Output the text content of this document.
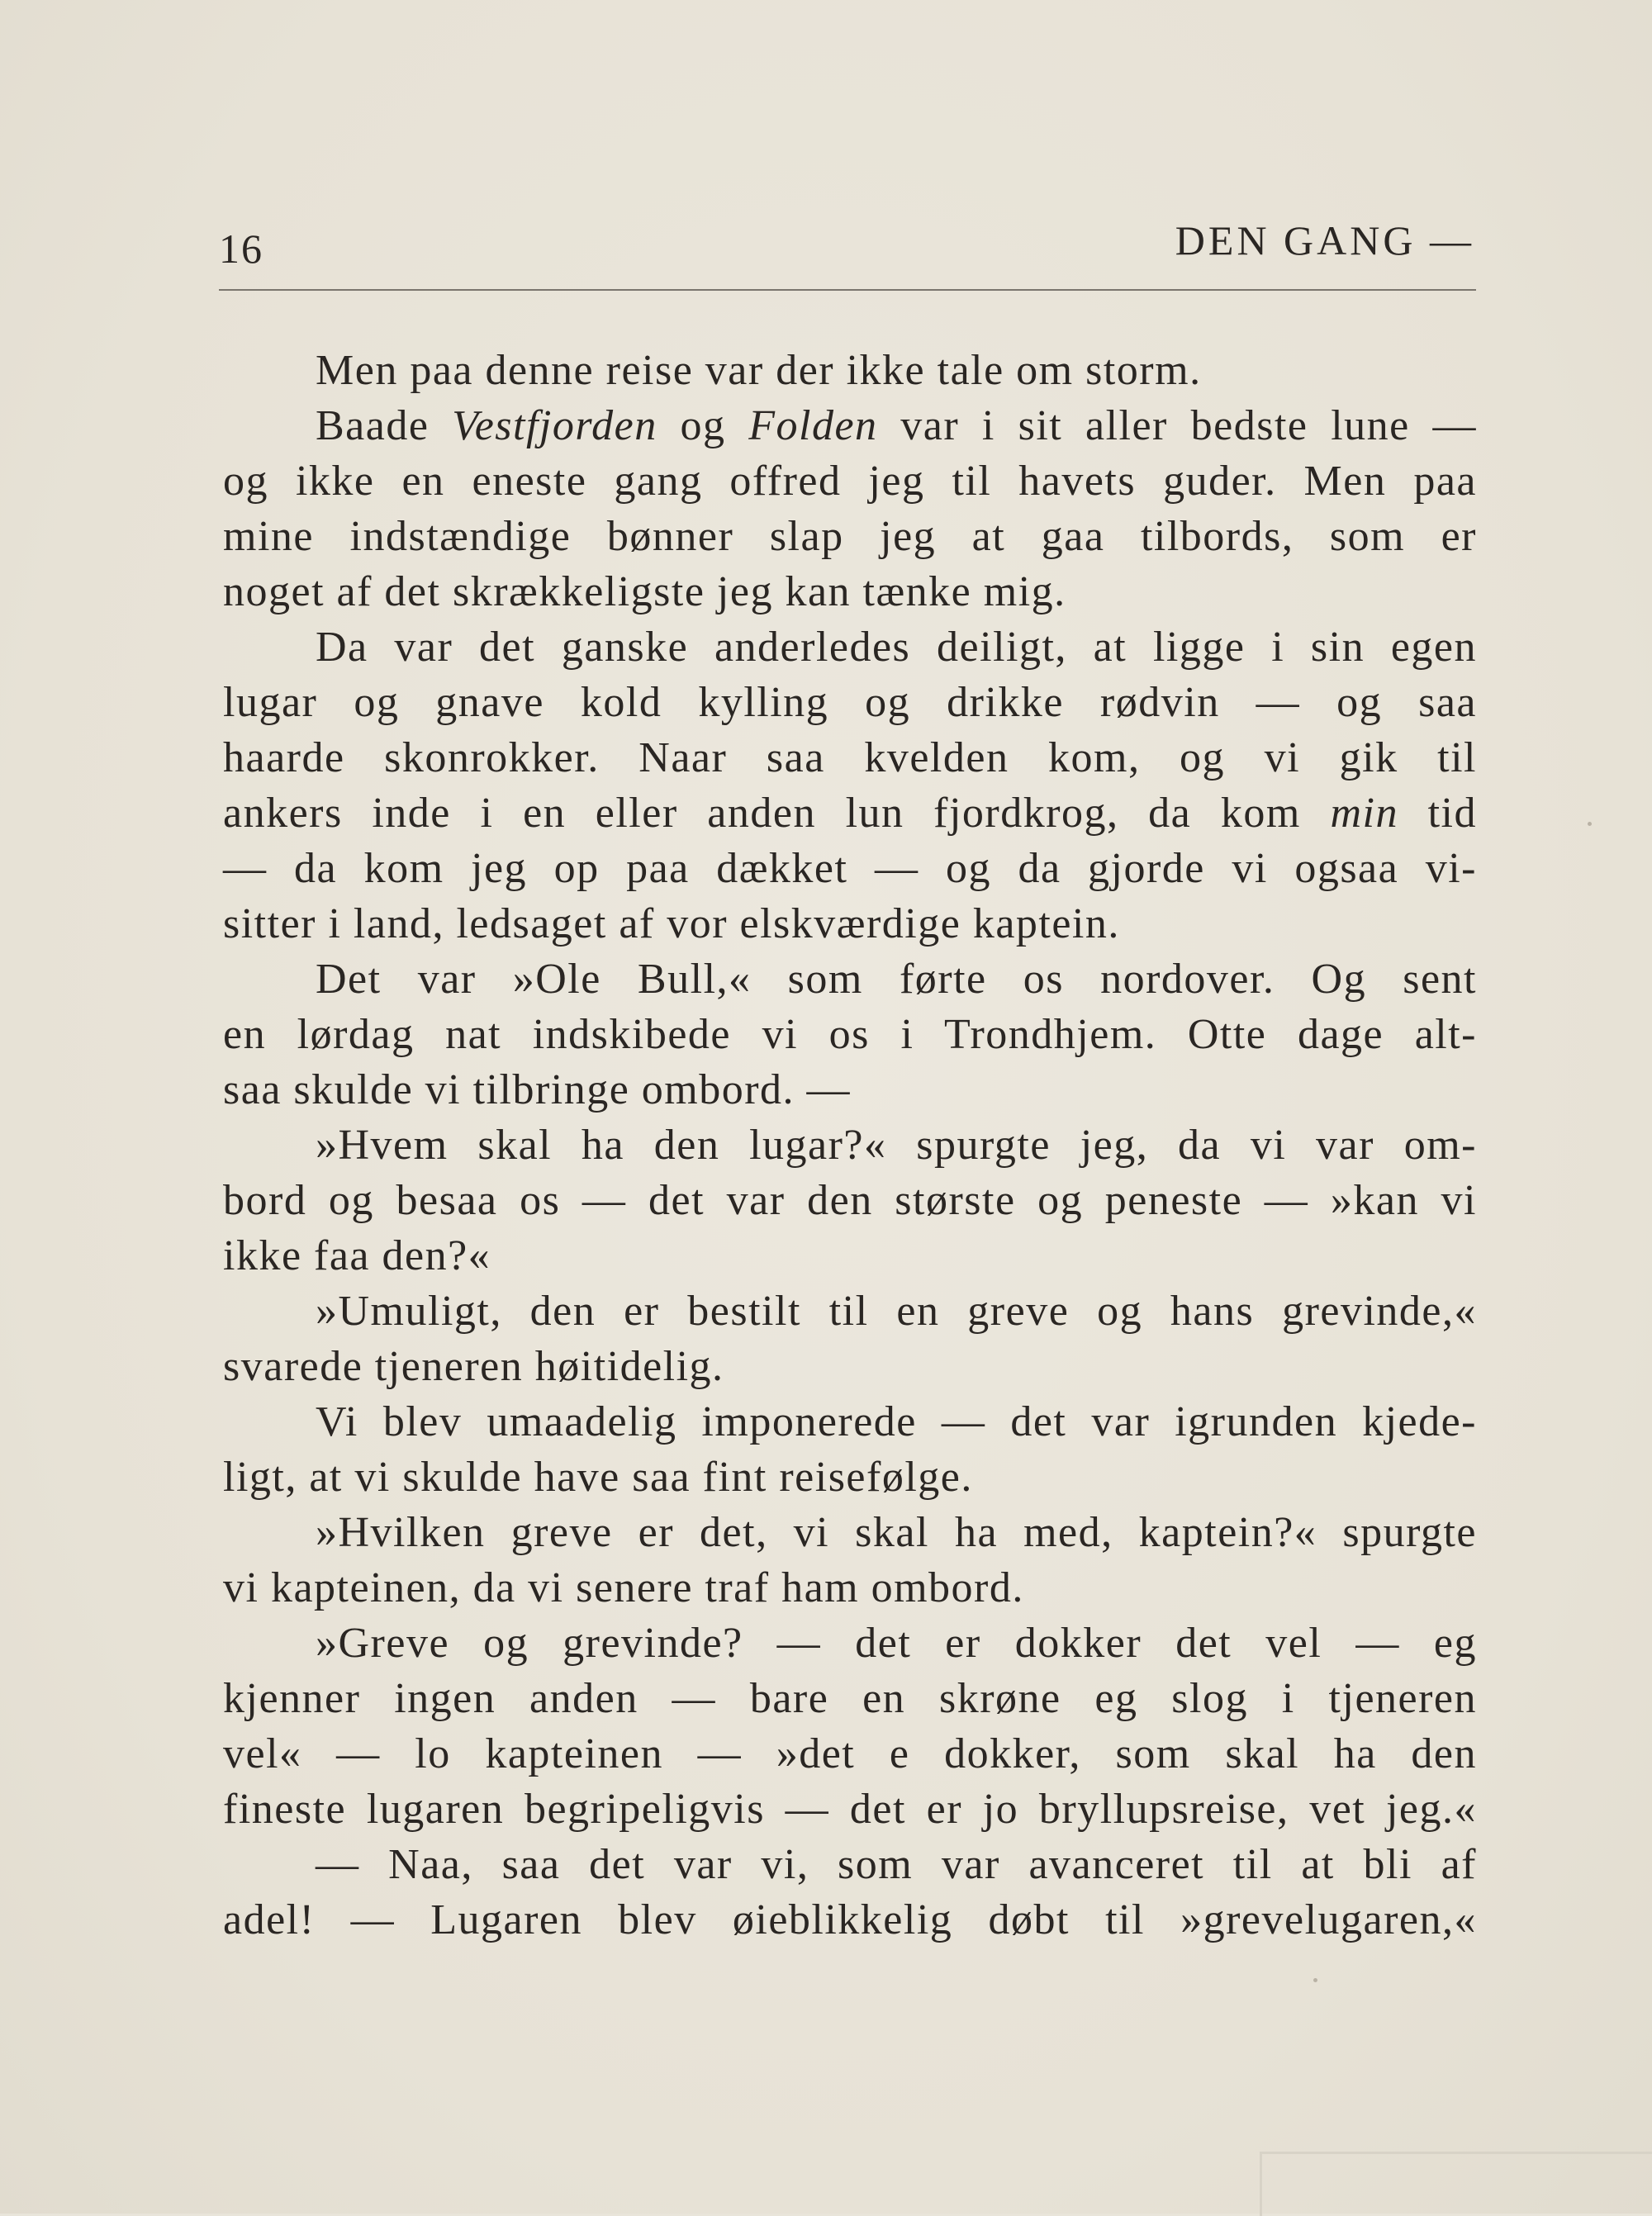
16	DEN GANG —
Men paa denne reise var der ikke tale om storm.
Baade Vestfjorden og Folden var i sit aller bedste lune —
og ikke en eneste gang offred jeg til havets guder. Men paa
mine indstændige bønner slap jeg at gaa tilbords, som er
noget af det skrækkeligste jeg kan tænke mig.
Da var det ganske anderledes deiligt, at ligge i sin egen
lugar og gnave kold kylling og drikke rødvin — og saa
haarde skonrokker. Naar saa kvelden kom, og vi gik til
ankers inde i en eller anden lun fjordkrog, da kom min tid
— da kom jeg op paa dækket — og da gjorde vi ogsaa vi-
sitter i land, ledsaget af vor elskværdige kaptein.
Det var »Ole Bull,« som førte os nordover. Og sent
en lørdag nat indskibede vi os i Trondhjem. Otte dage alt-
saa skulde vi tilbringe ombord. —
»Hvem skal ha den lugar?« spurgte jeg, da vi var om-
bord og besaa os — det var den største og peneste — »kan vi
ikke faa den?«
»Umuligt, den er bestilt til en greve og hans grevinde,«
svarede tjeneren høitidelig.
Vi blev umaadelig imponerede — det var igrunden kjede-
ligt, at vi skulde have saa fint reisefølge.
»Hvilken greve er det, vi skal ha med, kaptein?« spurgte
vi kapteinen, da vi senere traf ham ombord.
»Greve og grevinde? — det er dokker det vel — eg
kjenner ingen anden — bare en skrøne eg slog i tjeneren
vel« — lo kapteinen — »det e dokker, som skal ha den
fineste lugaren begripeligvis — det er jo bryllupsreise, vet jeg.«
— Naa, saa det var vi, som var avanceret til at bli af
adel! — Lugaren blev øieblikkelig døbt til »grevelugaren,«
